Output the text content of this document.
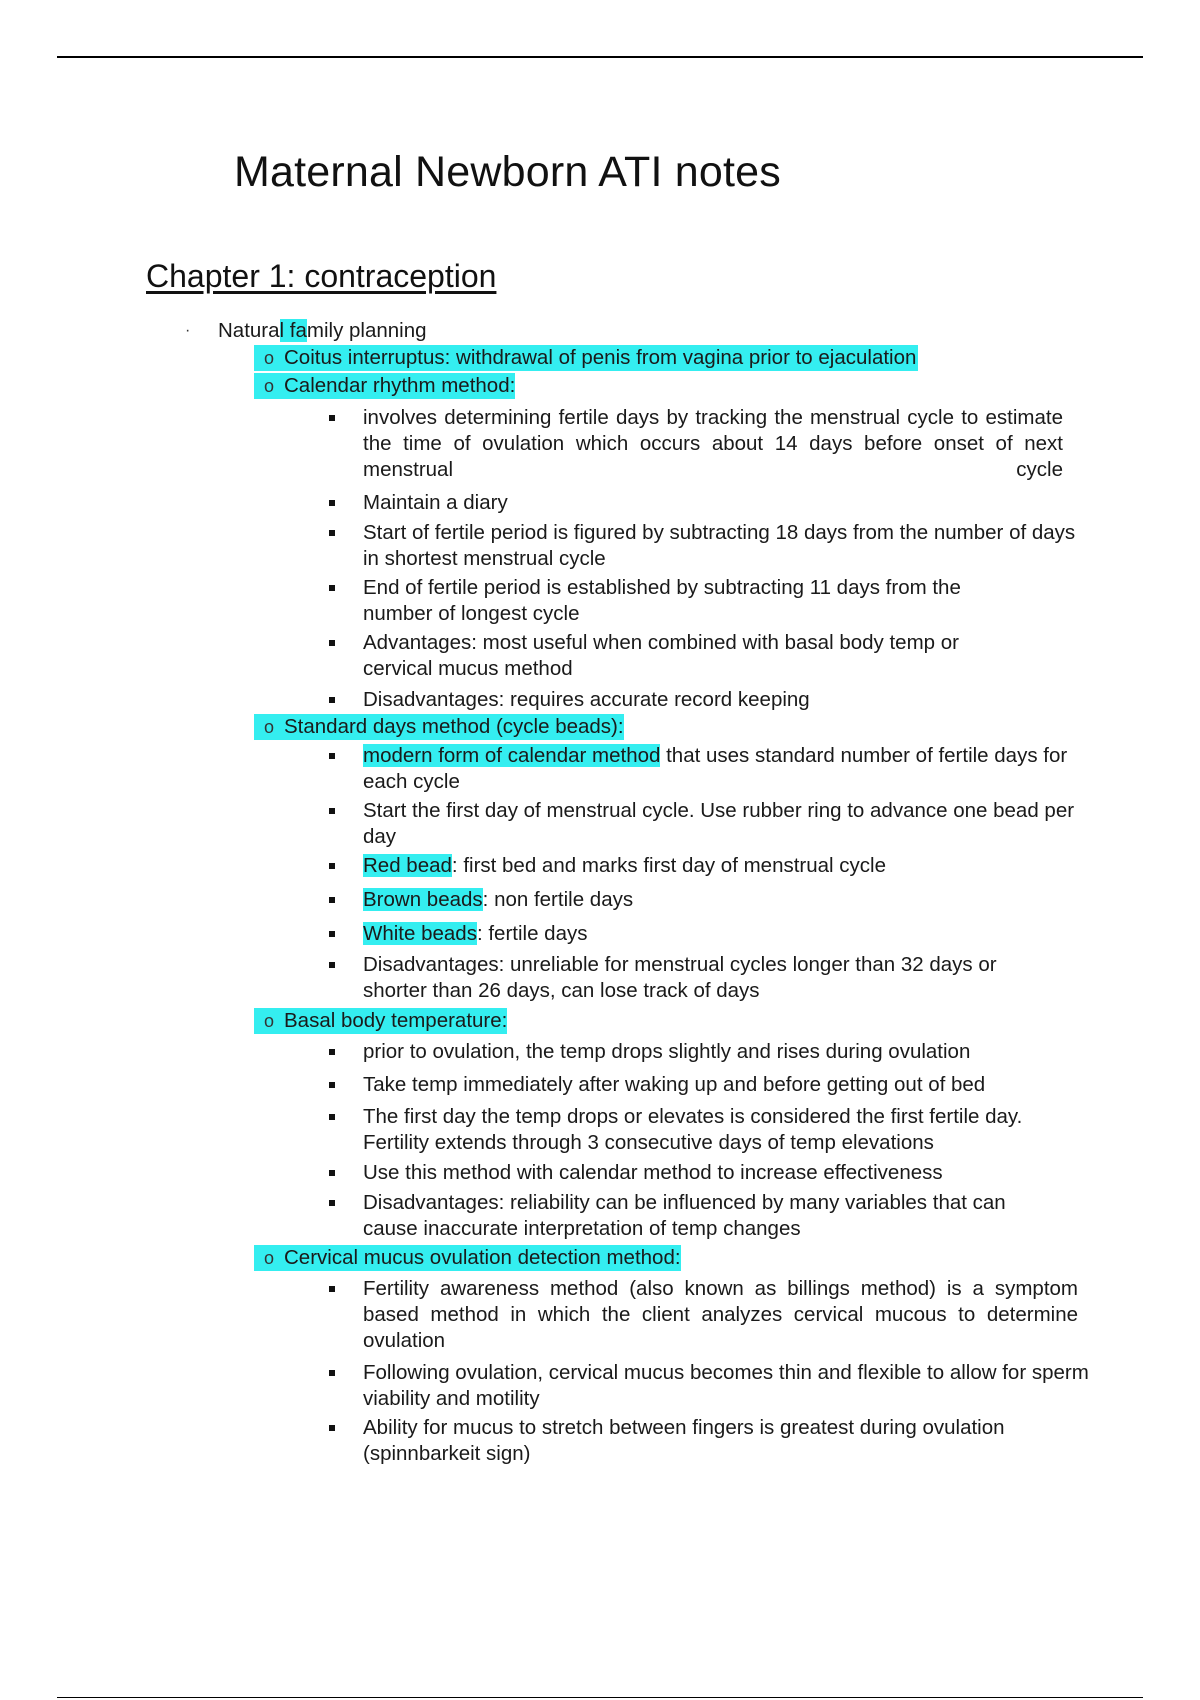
Maternal Newborn ATI notes
Chapter 1: contraception
· Natural family planning
o Coitus interruptus: withdrawal of penis from vagina prior to ejaculation
o Calendar rhythm method:
involves determining fertile days by tracking the menstrual cycle to estimate the time of ovulation which occurs about 14 days before onset of next menstrual cycle
Maintain a diary
Start of fertile period is figured by subtracting 18 days from the number of days in shortest menstrual cycle
End of fertile period is established by subtracting 11 days from the number of longest cycle
Advantages: most useful when combined with basal body temp or cervical mucus method
Disadvantages: requires accurate record keeping
o Standard days method (cycle beads):
modern form of calendar method that uses standard number of fertile days for each cycle
Start the first day of menstrual cycle. Use rubber ring to advance one bead per day
Red bead: first bed and marks first day of menstrual cycle
Brown beads: non fertile days
White beads: fertile days
Disadvantages: unreliable for menstrual cycles longer than 32 days or shorter than 26 days, can lose track of days
o Basal body temperature:
prior to ovulation, the temp drops slightly and rises during ovulation
Take temp immediately after waking up and before getting out of bed
The first day the temp drops or elevates is considered the first fertile day. Fertility extends through 3 consecutive days of temp elevations
Use this method with calendar method to increase effectiveness
Disadvantages: reliability can be influenced by many variables that can cause inaccurate interpretation of temp changes
o Cervical mucus ovulation detection method:
Fertility awareness method (also known as billings method) is a symptom based method in which the client analyzes cervical mucous to determine ovulation
Following ovulation, cervical mucus becomes thin and flexible to allow for sperm viability and motility
Ability for mucus to stretch between fingers is greatest during ovulation (spinnbarkeit sign)
